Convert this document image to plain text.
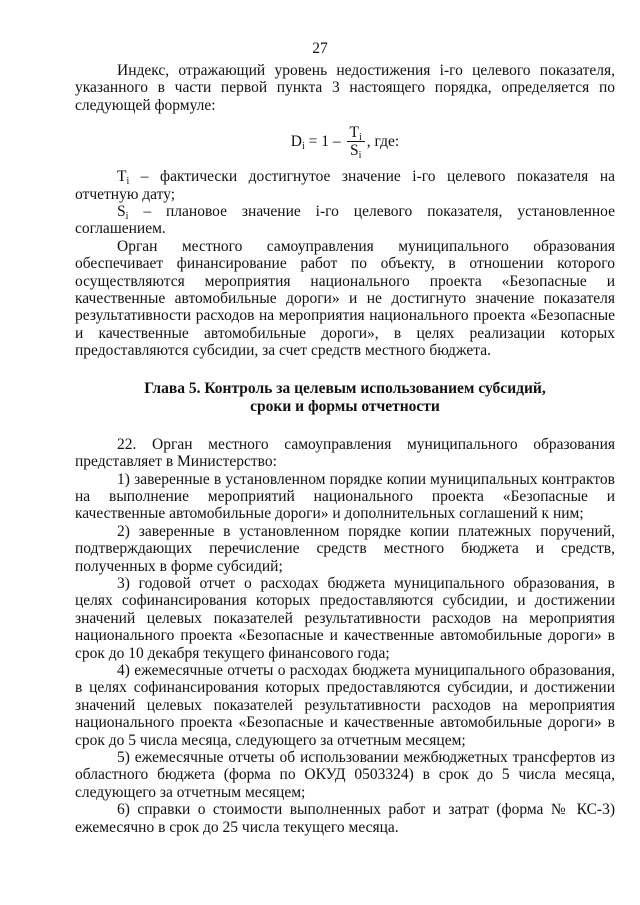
27

Индекс, отражающий уровень недостижения i-го целевого показателя, указанного в части первой пункта 3 настоящего порядка, определяется по следующей формуле:

$D_i = 1 - \frac{T_i}{S_i}$ , где:

$T_i$ – фактически достигнутое значение i-го целевого показателя на отчетную дату;

$S_i$ – плановое значение i-го целевого показателя, установленное соглашением.

Орган местного самоуправления муниципального образования обеспечивает финансирование работ по объекту, в отношении которого осуществляются мероприятия национального проекта «Безопасные и качественные автомобильные дороги» и не достигнуто значение показателя результативности расходов на мероприятия национального проекта «Безопасные и качественные автомобильные дороги», в целях реализации которых предоставляются субсидии, за счет средств местного бюджета.

Глава 5. Контроль за целевым использованием субсидий,
сроки и формы отчетности

22. Орган местного самоуправления муниципального образования представляет в Министерство:

1) заверенные в установленном порядке копии муниципальных контрактов на выполнение мероприятий национального проекта «Безопасные и качественные автомобильные дороги» и дополнительных соглашений к ним;

2) заверенные в установленном порядке копии платежных поручений, подтверждающих перечисление средств местного бюджета и средств, полученных в форме субсидий;

3) годовой отчет о расходах бюджета муниципального образования, в целях софинансирования которых предоставляются субсидии, и достижении значений целевых показателей результативности расходов на мероприятия национального проекта «Безопасные и качественные автомобильные дороги» в срок до 10 декабря текущего финансового года;

4) ежемесячные отчеты о расходах бюджета муниципального образования, в целях софинансирования которых предоставляются субсидии, и достижении значений целевых показателей результативности расходов на мероприятия национального проекта «Безопасные и качественные автомобильные дороги» в срок до 5 числа месяца, следующего за отчетным месяцем;

5) ежемесячные отчеты об использовании межбюджетных трансфертов из областного бюджета (форма по ОКУД 0503324) в срок до 5 числа месяца, следующего за отчетным месяцем;

6) справки о стоимости выполненных работ и затрат (форма № КС-3) ежемесячно в срок до 25 числа текущего месяца.
